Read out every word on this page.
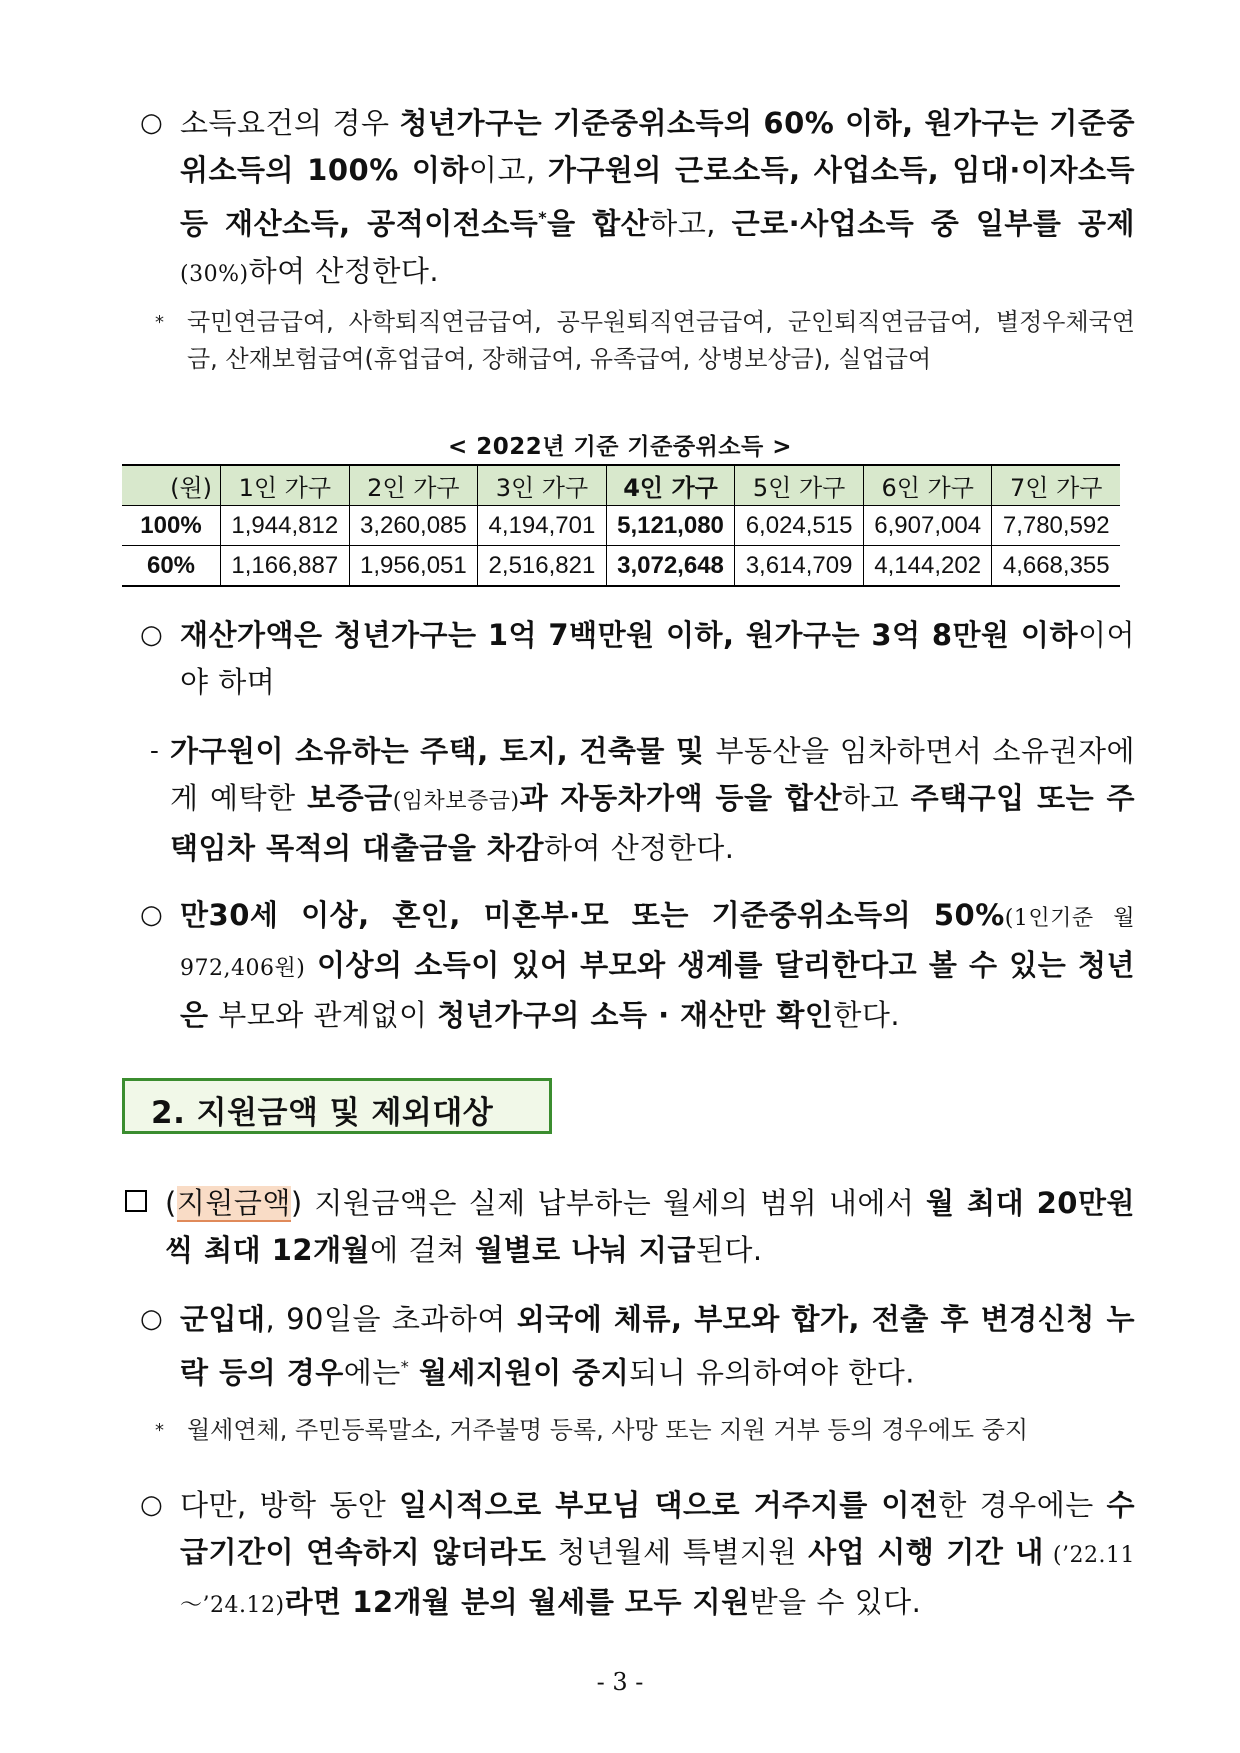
○ 소득요건의 경우 청년가구는 기준중위소득의 60% 이하, 원가구는 기준중위소득의 100% 이하이고, 가구원의 근로소득, 사업소득, 임대·이자소득 등 재산소득, 공적이전소득*을 합산하고, 근로·사업소득 중 일부를 공제(30%)하여 산정한다.
* 국민연금급여, 사학퇴직연금급여, 공무원퇴직연금급여, 군인퇴직연금급여, 별정우체국연금, 산재보험급여(휴업급여, 장해급여, 유족급여, 상병보상금), 실업급여
< 2022년 기준 기준중위소득 >
(원)	1인 가구	2인 가구	3인 가구	4인 가구	5인 가구	6인 가구	7인 가구
100%	1,944,812	3,260,085	4,194,701	5,121,080	6,024,515	6,907,004	7,780,592
60%	1,166,887	1,956,051	2,516,821	3,072,648	3,614,709	4,144,202	4,668,355
○ 재산가액은 청년가구는 1억 7백만원 이하, 원가구는 3억 8만원 이하이어야 하며
- 가구원이 소유하는 주택, 토지, 건축물 및 부동산을 임차하면서 소유권자에게 예탁한 보증금(임차보증금)과 자동차가액 등을 합산하고 주택구입 또는 주택임차 목적의 대출금을 차감하여 산정한다.
○ 만30세 이상, 혼인, 미혼부·모 또는 기준중위소득의 50%(1인기준 월 972,406원) 이상의 소득이 있어 부모와 생계를 달리한다고 볼 수 있는 청년은 부모와 관계없이 청년가구의 소득 · 재산만 확인한다.
2. 지원금액 및 제외대상
(지원금액) 지원금액은 실제 납부하는 월세의 범위 내에서 월 최대 20만원씩 최대 12개월에 걸쳐 월별로 나눠 지급된다.
○ 군입대, 90일을 초과하여 외국에 체류, 부모와 합가, 전출 후 변경신청 누락 등의 경우에는* 월세지원이 중지되니 유의하여야 한다.
* 월세연체, 주민등록말소, 거주불명 등록, 사망 또는 지원 거부 등의 경우에도 중지
○ 다만, 방학 동안 일시적으로 부모님 댁으로 거주지를 이전한 경우에는 수급기간이 연속하지 않더라도 청년월세 특별지원 사업 시행 기간 내 (’22.11～’24.12)라면 12개월 분의 월세를 모두 지원받을 수 있다.
- 3 -
